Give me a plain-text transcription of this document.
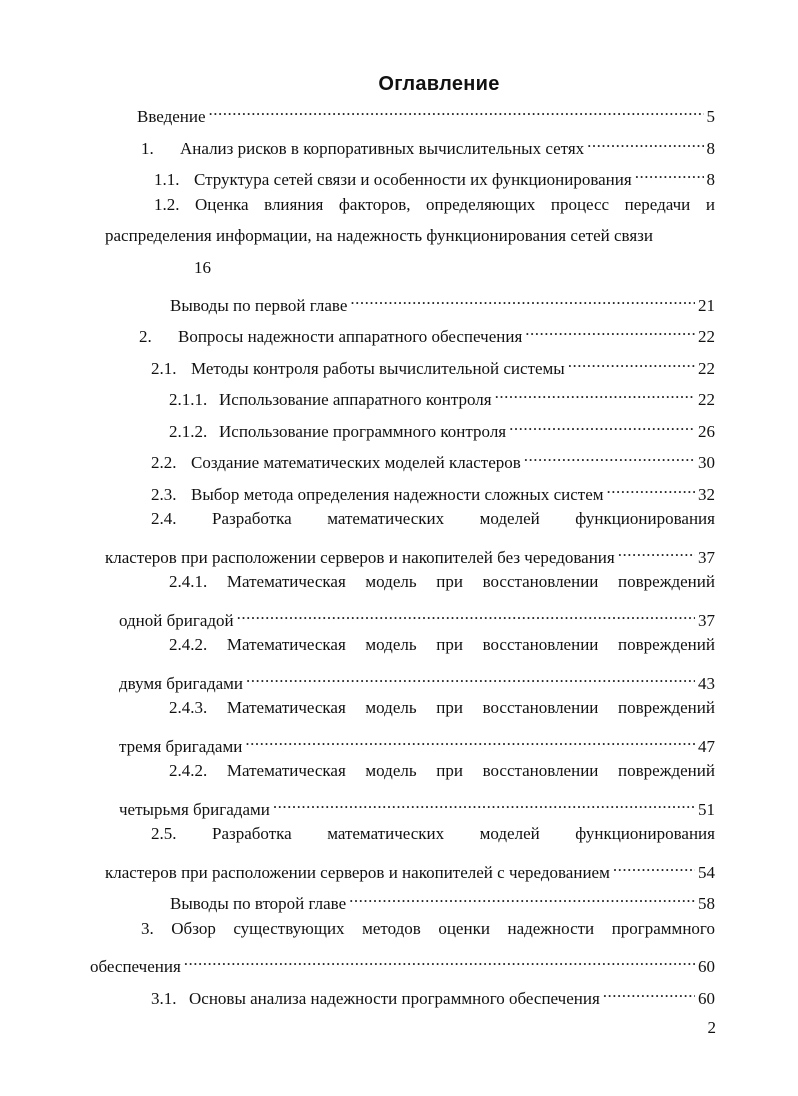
Оглавление
Введение .....	5
1.	Анализ рисков в корпоративных вычислительных сетях .....	8
1.1. Структура сетей связи и особенности их функционирования .....	8
1.2. Оценка влияния факторов, определяющих процесс передачи и
распределения информации, на надежность функционирования сетей связи
16
Выводы по первой главе .....	21
2.	Вопросы надежности аппаратного обеспечения .....	22
2.1. Методы контроля работы вычислительной системы .....	22
2.1.1. Использование аппаратного контроля .....	22
2.1.2. Использование программного контроля .....	26
2.2. Создание математических моделей кластеров .....	30
2.3. Выбор метода определения надежности сложных систем .....	32
2.4. Разработка математических моделей функционирования
кластеров при расположении серверов и накопителей без чередования .....	37
2.4.1. Математическая модель при восстановлении повреждений
одной бригадой .....	37
2.4.2. Математическая модель при восстановлении повреждений
двумя бригадами .....	43
2.4.3. Математическая модель при восстановлении повреждений
тремя бригадами .....	47
2.4.2. Математическая модель при восстановлении повреждений
четырьмя бригадами .....	51
2.5. Разработка математических моделей функционирования
кластеров при расположении серверов и накопителей с чередованием .....	54
Выводы по второй главе .....	58
3. Обзор существующих методов оценки надежности программного
обеспечения .....	60
3.1. Основы анализа надежности программного обеспечения .....	60
2
